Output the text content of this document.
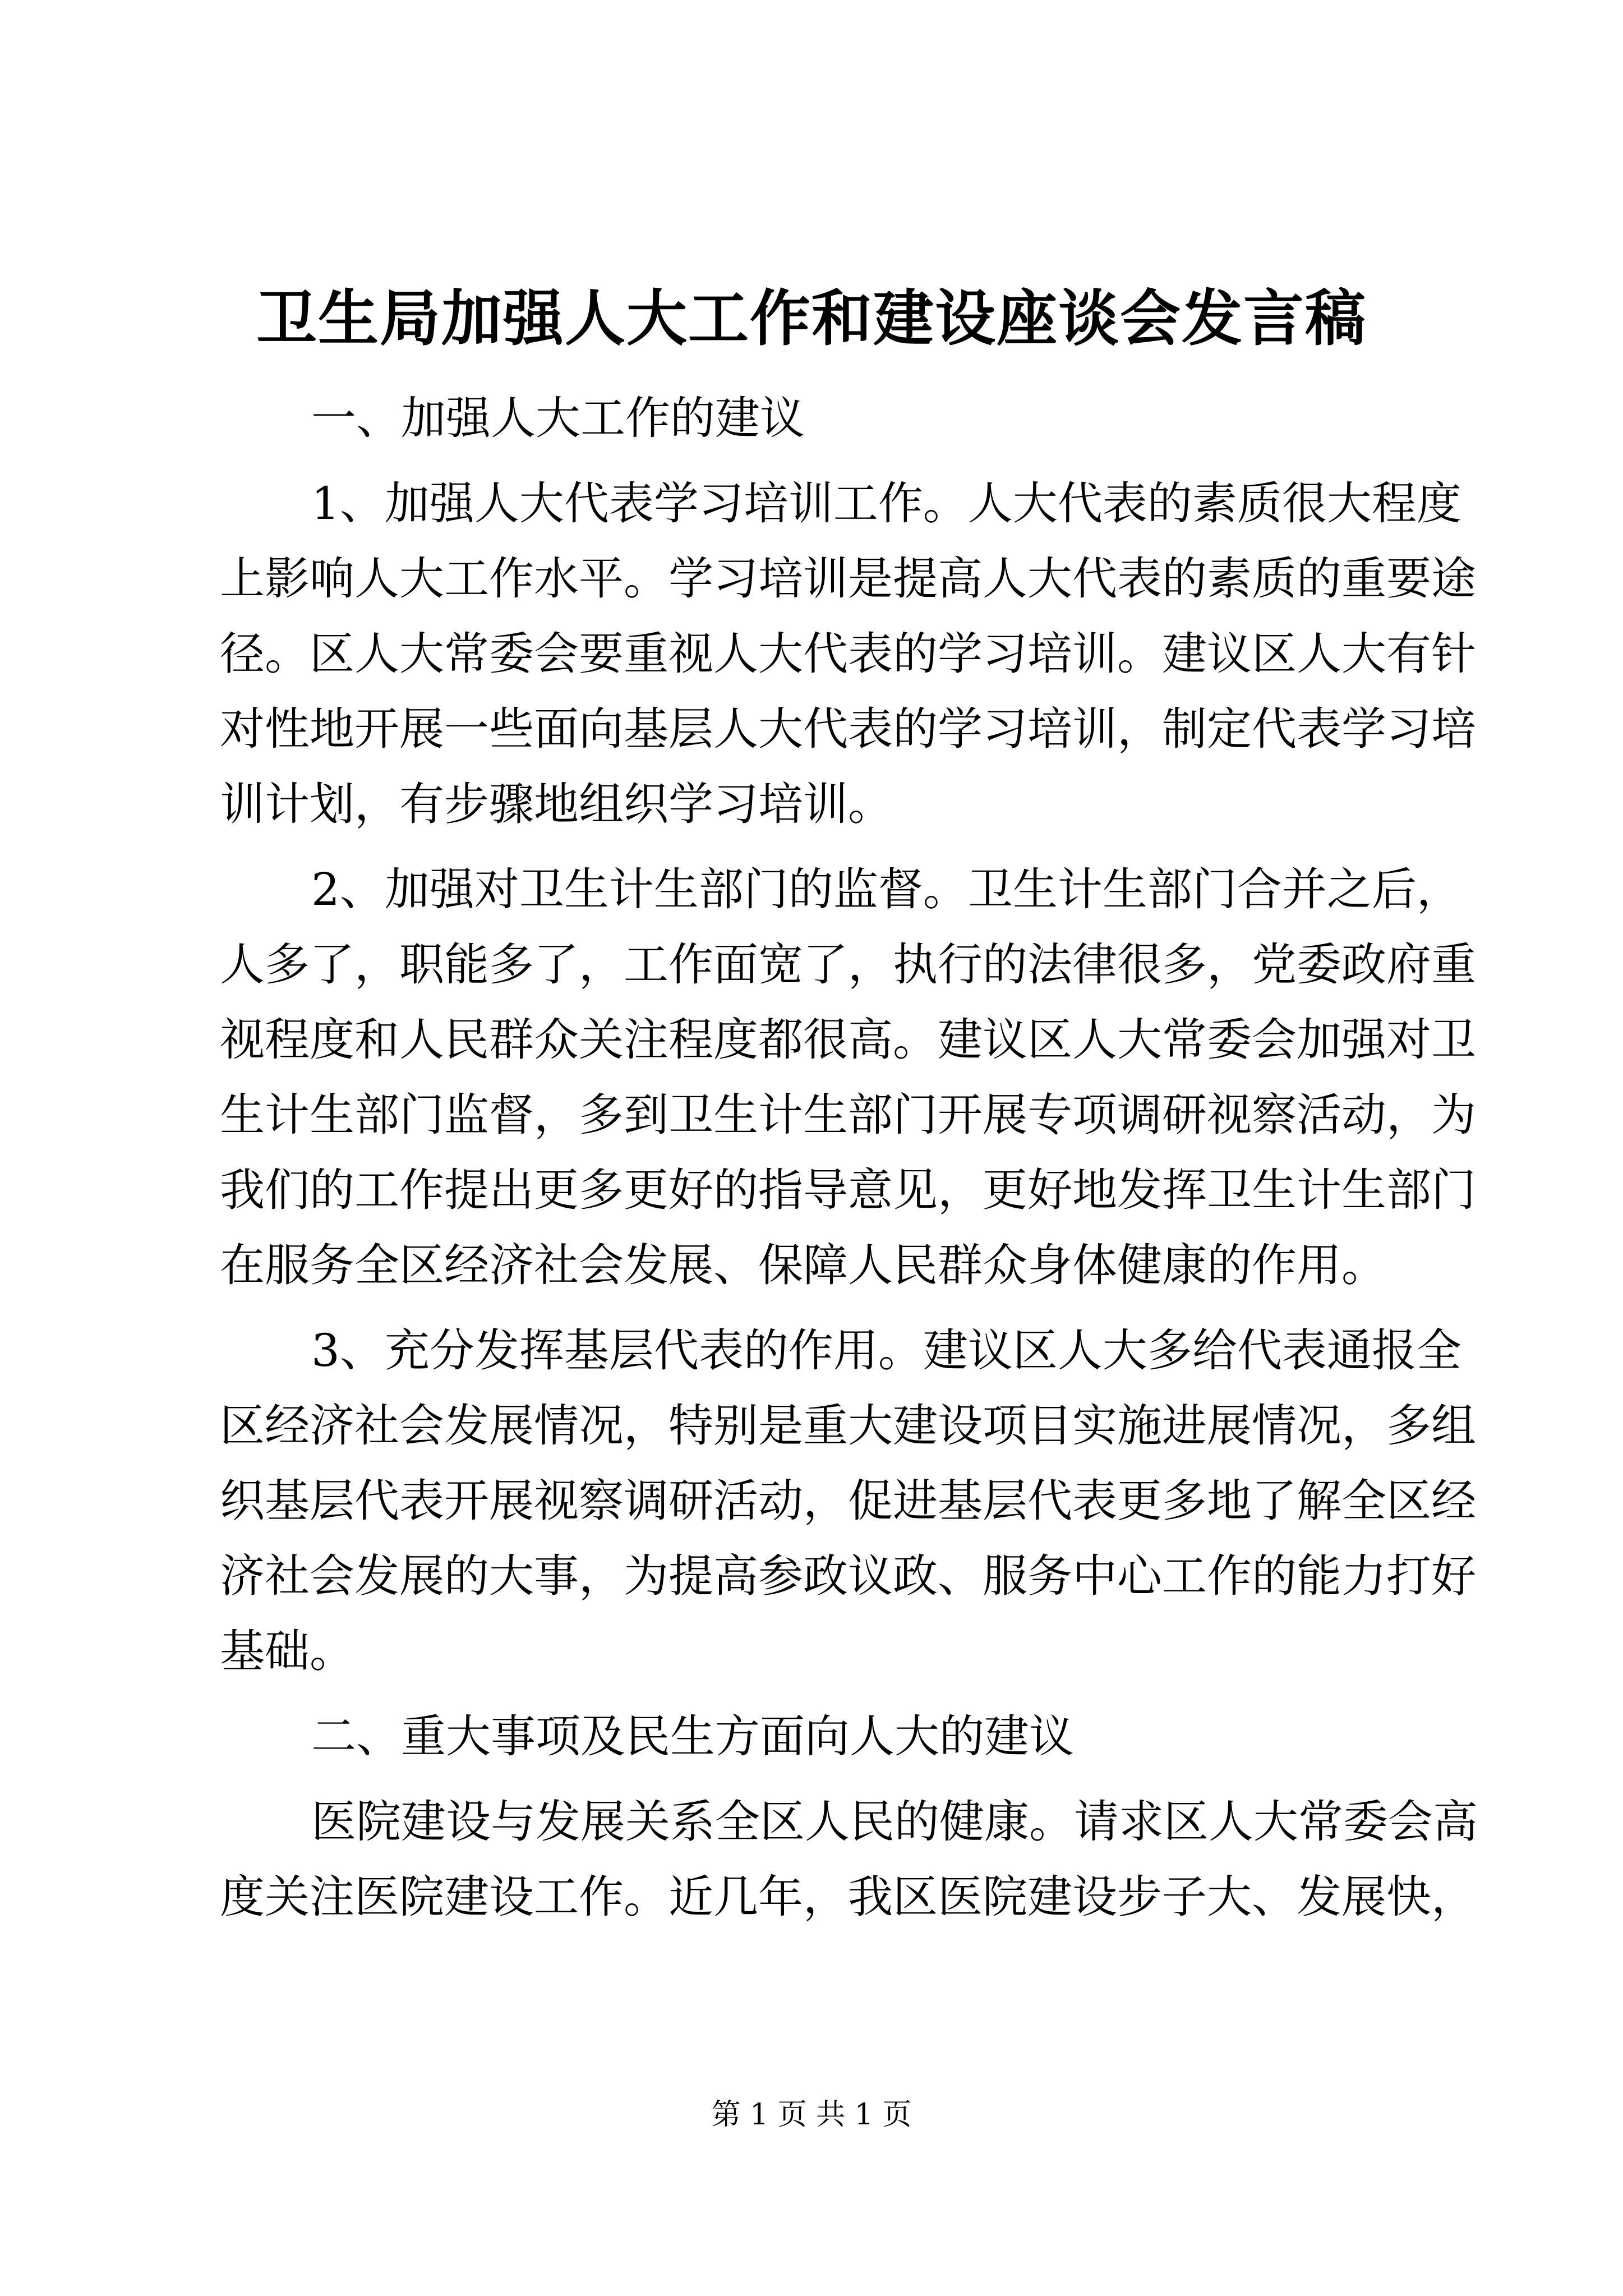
卫生局加强人大工作和建设座谈会发言稿
一、加强人大工作的建议
1、加强人大代表学习培训工作。人大代表的素质很大程度
上影响人大工作水平。学习培训是提高人大代表的素质的重要途
径。区人大常委会要重视人大代表的学习培训。建议区人大有针
对性地开展一些面向基层人大代表的学习培训，制定代表学习培
训计划，有步骤地组织学习培训。
2、加强对卫生计生部门的监督。卫生计生部门合并之后，
人多了，职能多了，工作面宽了，执行的法律很多，党委政府重
视程度和人民群众关注程度都很高。建议区人大常委会加强对卫
生计生部门监督，多到卫生计生部门开展专项调研视察活动，为
我们的工作提出更多更好的指导意见，更好地发挥卫生计生部门
在服务全区经济社会发展、保障人民群众身体健康的作用。
3、充分发挥基层代表的作用。建议区人大多给代表通报全
区经济社会发展情况，特别是重大建设项目实施进展情况，多组
织基层代表开展视察调研活动，促进基层代表更多地了解全区经
济社会发展的大事，为提高参政议政、服务中心工作的能力打好
基础。
二、重大事项及民生方面向人大的建议
医院建设与发展关系全区人民的健康。请求区人大常委会高
度关注医院建设工作。近几年，我区医院建设步子大、发展快，
第 1 页 共 1 页
